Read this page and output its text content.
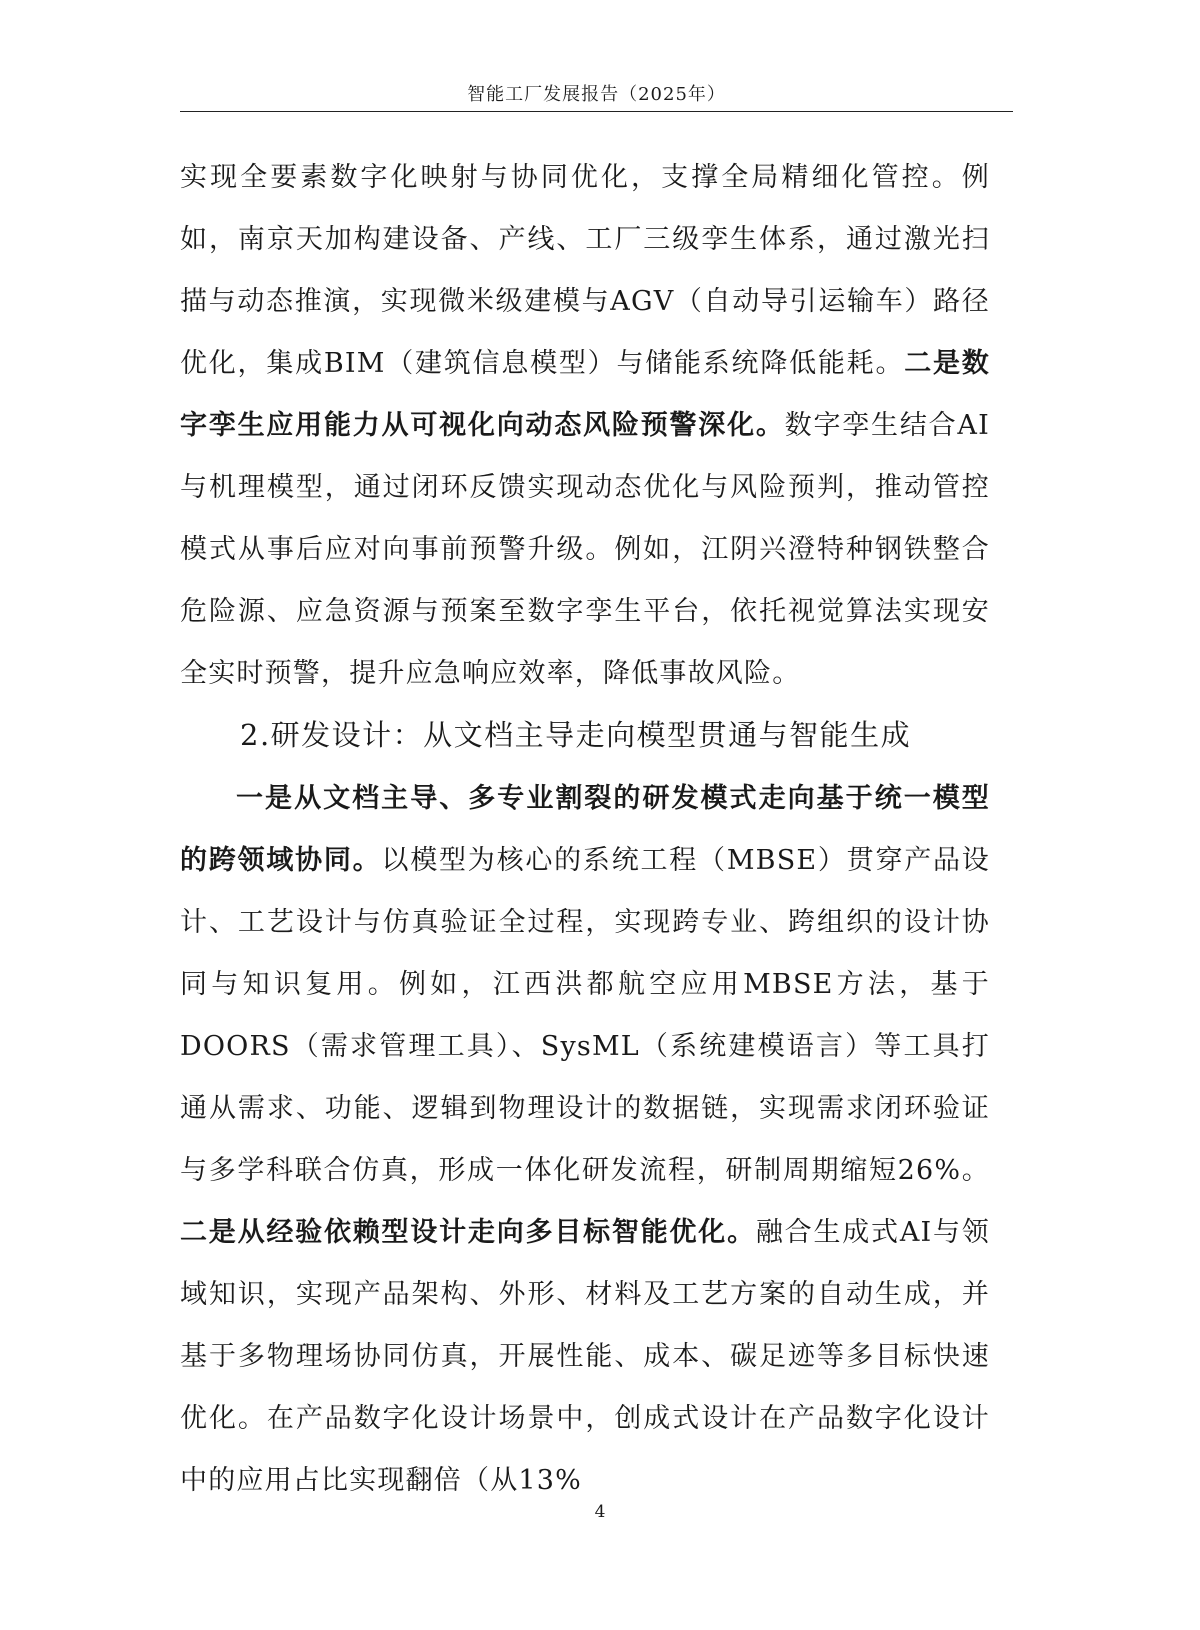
智能工厂发展报告（2025年）

实现全要素数字化映射与协同优化，支撑全局精细化管控。例如，南京天加构建设备、产线、工厂三级孪生体系，通过激光扫描与动态推演，实现微米级建模与AGV（自动导引运输车）路径优化，集成BIM（建筑信息模型）与储能系统降低能耗。二是数字孪生应用能力从可视化向动态风险预警深化。数字孪生结合AI与机理模型，通过闭环反馈实现动态优化与风险预判，推动管控模式从事后应对向事前预警升级。例如，江阴兴澄特种钢铁整合危险源、应急资源与预案至数字孪生平台，依托视觉算法实现安全实时预警，提升应急响应效率，降低事故风险。

2.研发设计：从文档主导走向模型贯通与智能生成

一是从文档主导、多专业割裂的研发模式走向基于统一模型的跨领域协同。以模型为核心的系统工程（MBSE）贯穿产品设计、工艺设计与仿真验证全过程，实现跨专业、跨组织的设计协同与知识复用。例如，江西洪都航空应用MBSE方法，基于DOORS（需求管理工具）、SysML（系统建模语言）等工具打通从需求、功能、逻辑到物理设计的数据链，实现需求闭环验证与多学科联合仿真，形成一体化研发流程，研制周期缩短26%。二是从经验依赖型设计走向多目标智能优化。融合生成式AI与领域知识，实现产品架构、外形、材料及工艺方案的自动生成，并基于多物理场协同仿真，开展性能、成本、碳足迹等多目标快速优化。在产品数字化设计场景中，创成式设计在产品数字化设计中的应用占比实现翻倍（从13%

4
